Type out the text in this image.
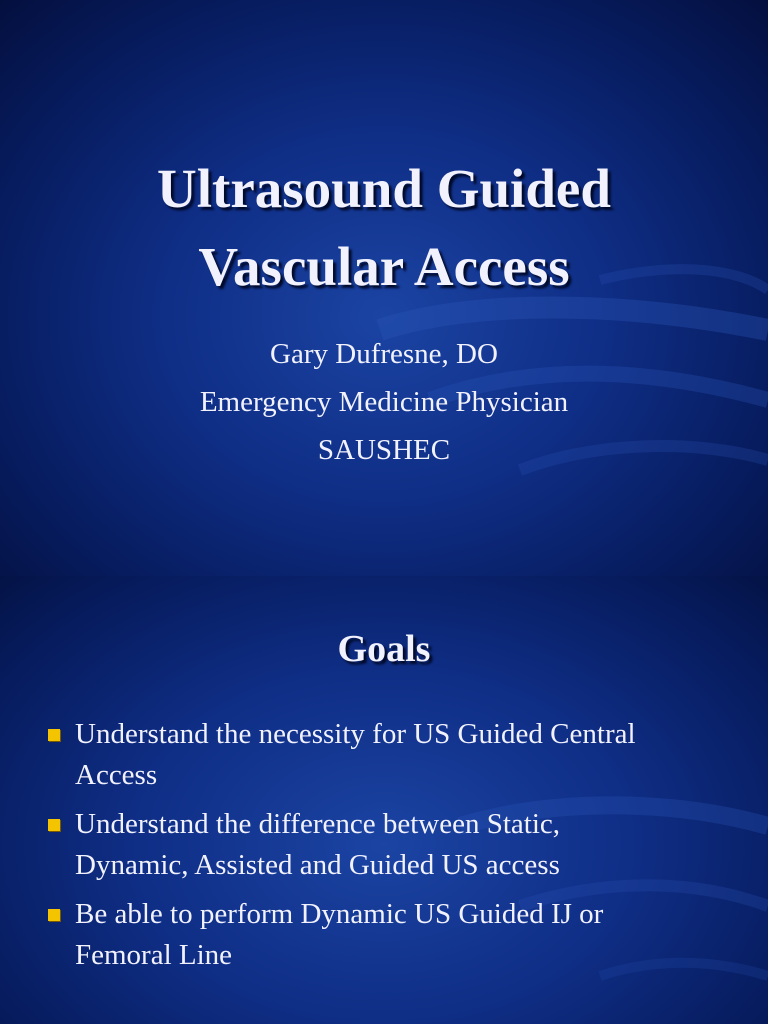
Ultrasound Guided
Vascular Access
Gary Dufresne, DO
Emergency Medicine Physician
SAUSHEC
Goals
Understand the necessity for US Guided Central
Access
Understand the difference between Static,
Dynamic, Assisted and Guided US access
Be able to perform Dynamic US Guided IJ or
Femoral Line
